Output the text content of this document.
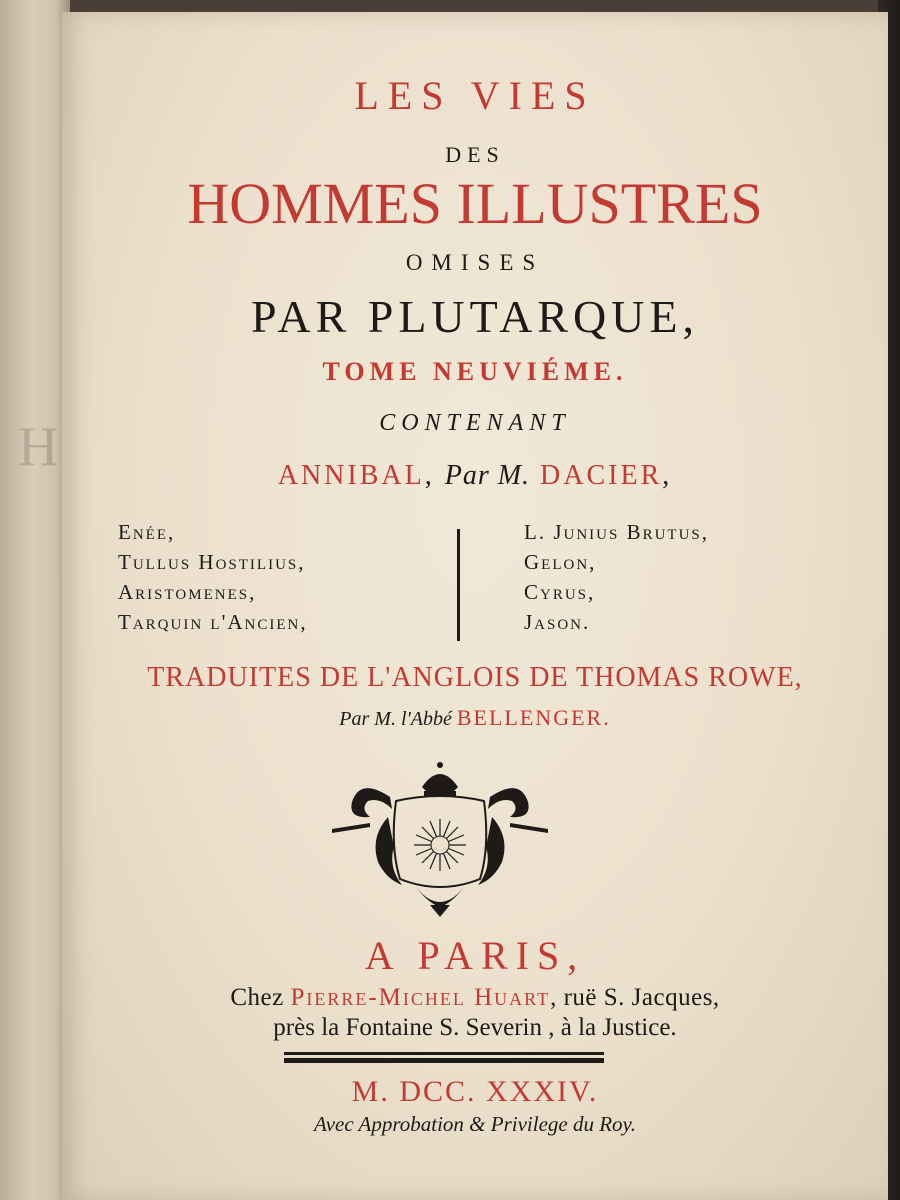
H
LES VIES
DES
HOMMES ILLUSTRES
OMISES
PAR PLUTARQUE,
TOME NEUVIÉME.
CONTENANT
ANNIBAL, Par M. DACIER,
Enée,
Tullus Hostilius,
Aristomenes,
Tarquin l'Ancien,
L. Junius Brutus,
Gelon,
Cyrus,
Jason.
TRADUITES DE L'ANGLOIS DE THOMAS ROWE,
Par M. l'Abbé BELLENGER.
A PARIS,
Chez Pierre-Michel Huart, ruë S. Jacques,
près la Fontaine S. Severin , à la Justice.
M. DCC. XXXIV.
Avec Approbation & Privilege du Roy.
